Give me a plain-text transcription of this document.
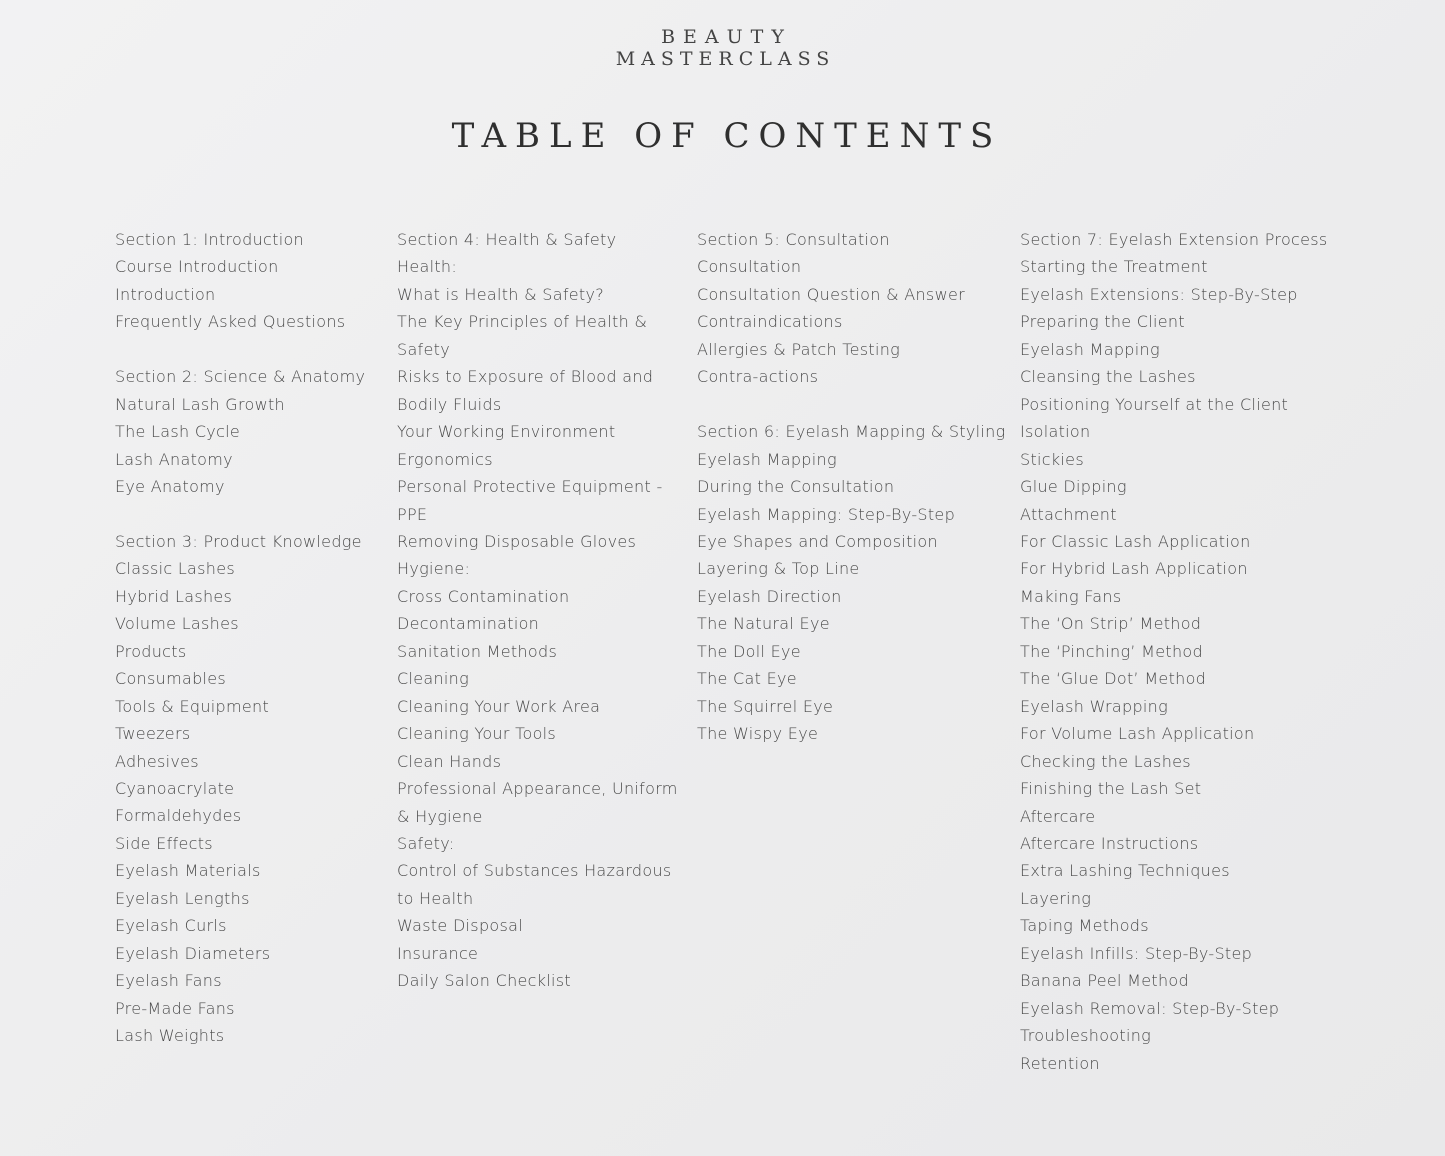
BEAUTY
MASTERCLASS
TABLE OF CONTENTS
Section 1: Introduction
Course Introduction
Introduction
Frequently Asked Questions
Section 2: Science & Anatomy
Natural Lash Growth
The Lash Cycle
Lash Anatomy
Eye Anatomy
Section 3: Product Knowledge
Classic Lashes
Hybrid Lashes
Volume Lashes
Products
Consumables
Tools & Equipment
Tweezers
Adhesives
Cyanoacrylate
Formaldehydes
Side Effects
Eyelash Materials
Eyelash Lengths
Eyelash Curls
Eyelash Diameters
Eyelash Fans
Pre-Made Fans
Lash Weights
Section 4: Health & Safety
Health:
What is Health & Safety?
The Key Principles of Health &
Safety
Risks to Exposure of Blood and
Bodily Fluids
Your Working Environment
Ergonomics
Personal Protective Equipment -
PPE
Removing Disposable Gloves
Hygiene:
Cross Contamination
Decontamination
Sanitation Methods
Cleaning
Cleaning Your Work Area
Cleaning Your Tools
Clean Hands
Professional Appearance, Uniform
& Hygiene
Safety:
Control of Substances Hazardous
to Health
Waste Disposal
Insurance
Daily Salon Checklist
Section 5: Consultation
Consultation
Consultation Question & Answer
Contraindications
Allergies & Patch Testing
Contra-actions
Section 6: Eyelash Mapping & Styling
Eyelash Mapping
During the Consultation
Eyelash Mapping: Step-By-Step
Eye Shapes and Composition
Layering & Top Line
Eyelash Direction
The Natural Eye
The Doll Eye
The Cat Eye
The Squirrel Eye
The Wispy Eye
Section 7: Eyelash Extension Process
Starting the Treatment
Eyelash Extensions: Step-By-Step
Preparing the Client
Eyelash Mapping
Cleansing the Lashes
Positioning Yourself at the Client
Isolation
Stickies
Glue Dipping
Attachment
For Classic Lash Application
For Hybrid Lash Application
Making Fans
The ‘On Strip’ Method
The ‘Pinching’ Method
The ‘Glue Dot’ Method
Eyelash Wrapping
For Volume Lash Application
Checking the Lashes
Finishing the Lash Set
Aftercare
Aftercare Instructions
Extra Lashing Techniques
Layering
Taping Methods
Eyelash Infills: Step-By-Step
Banana Peel Method
Eyelash Removal: Step-By-Step
Troubleshooting
Retention
